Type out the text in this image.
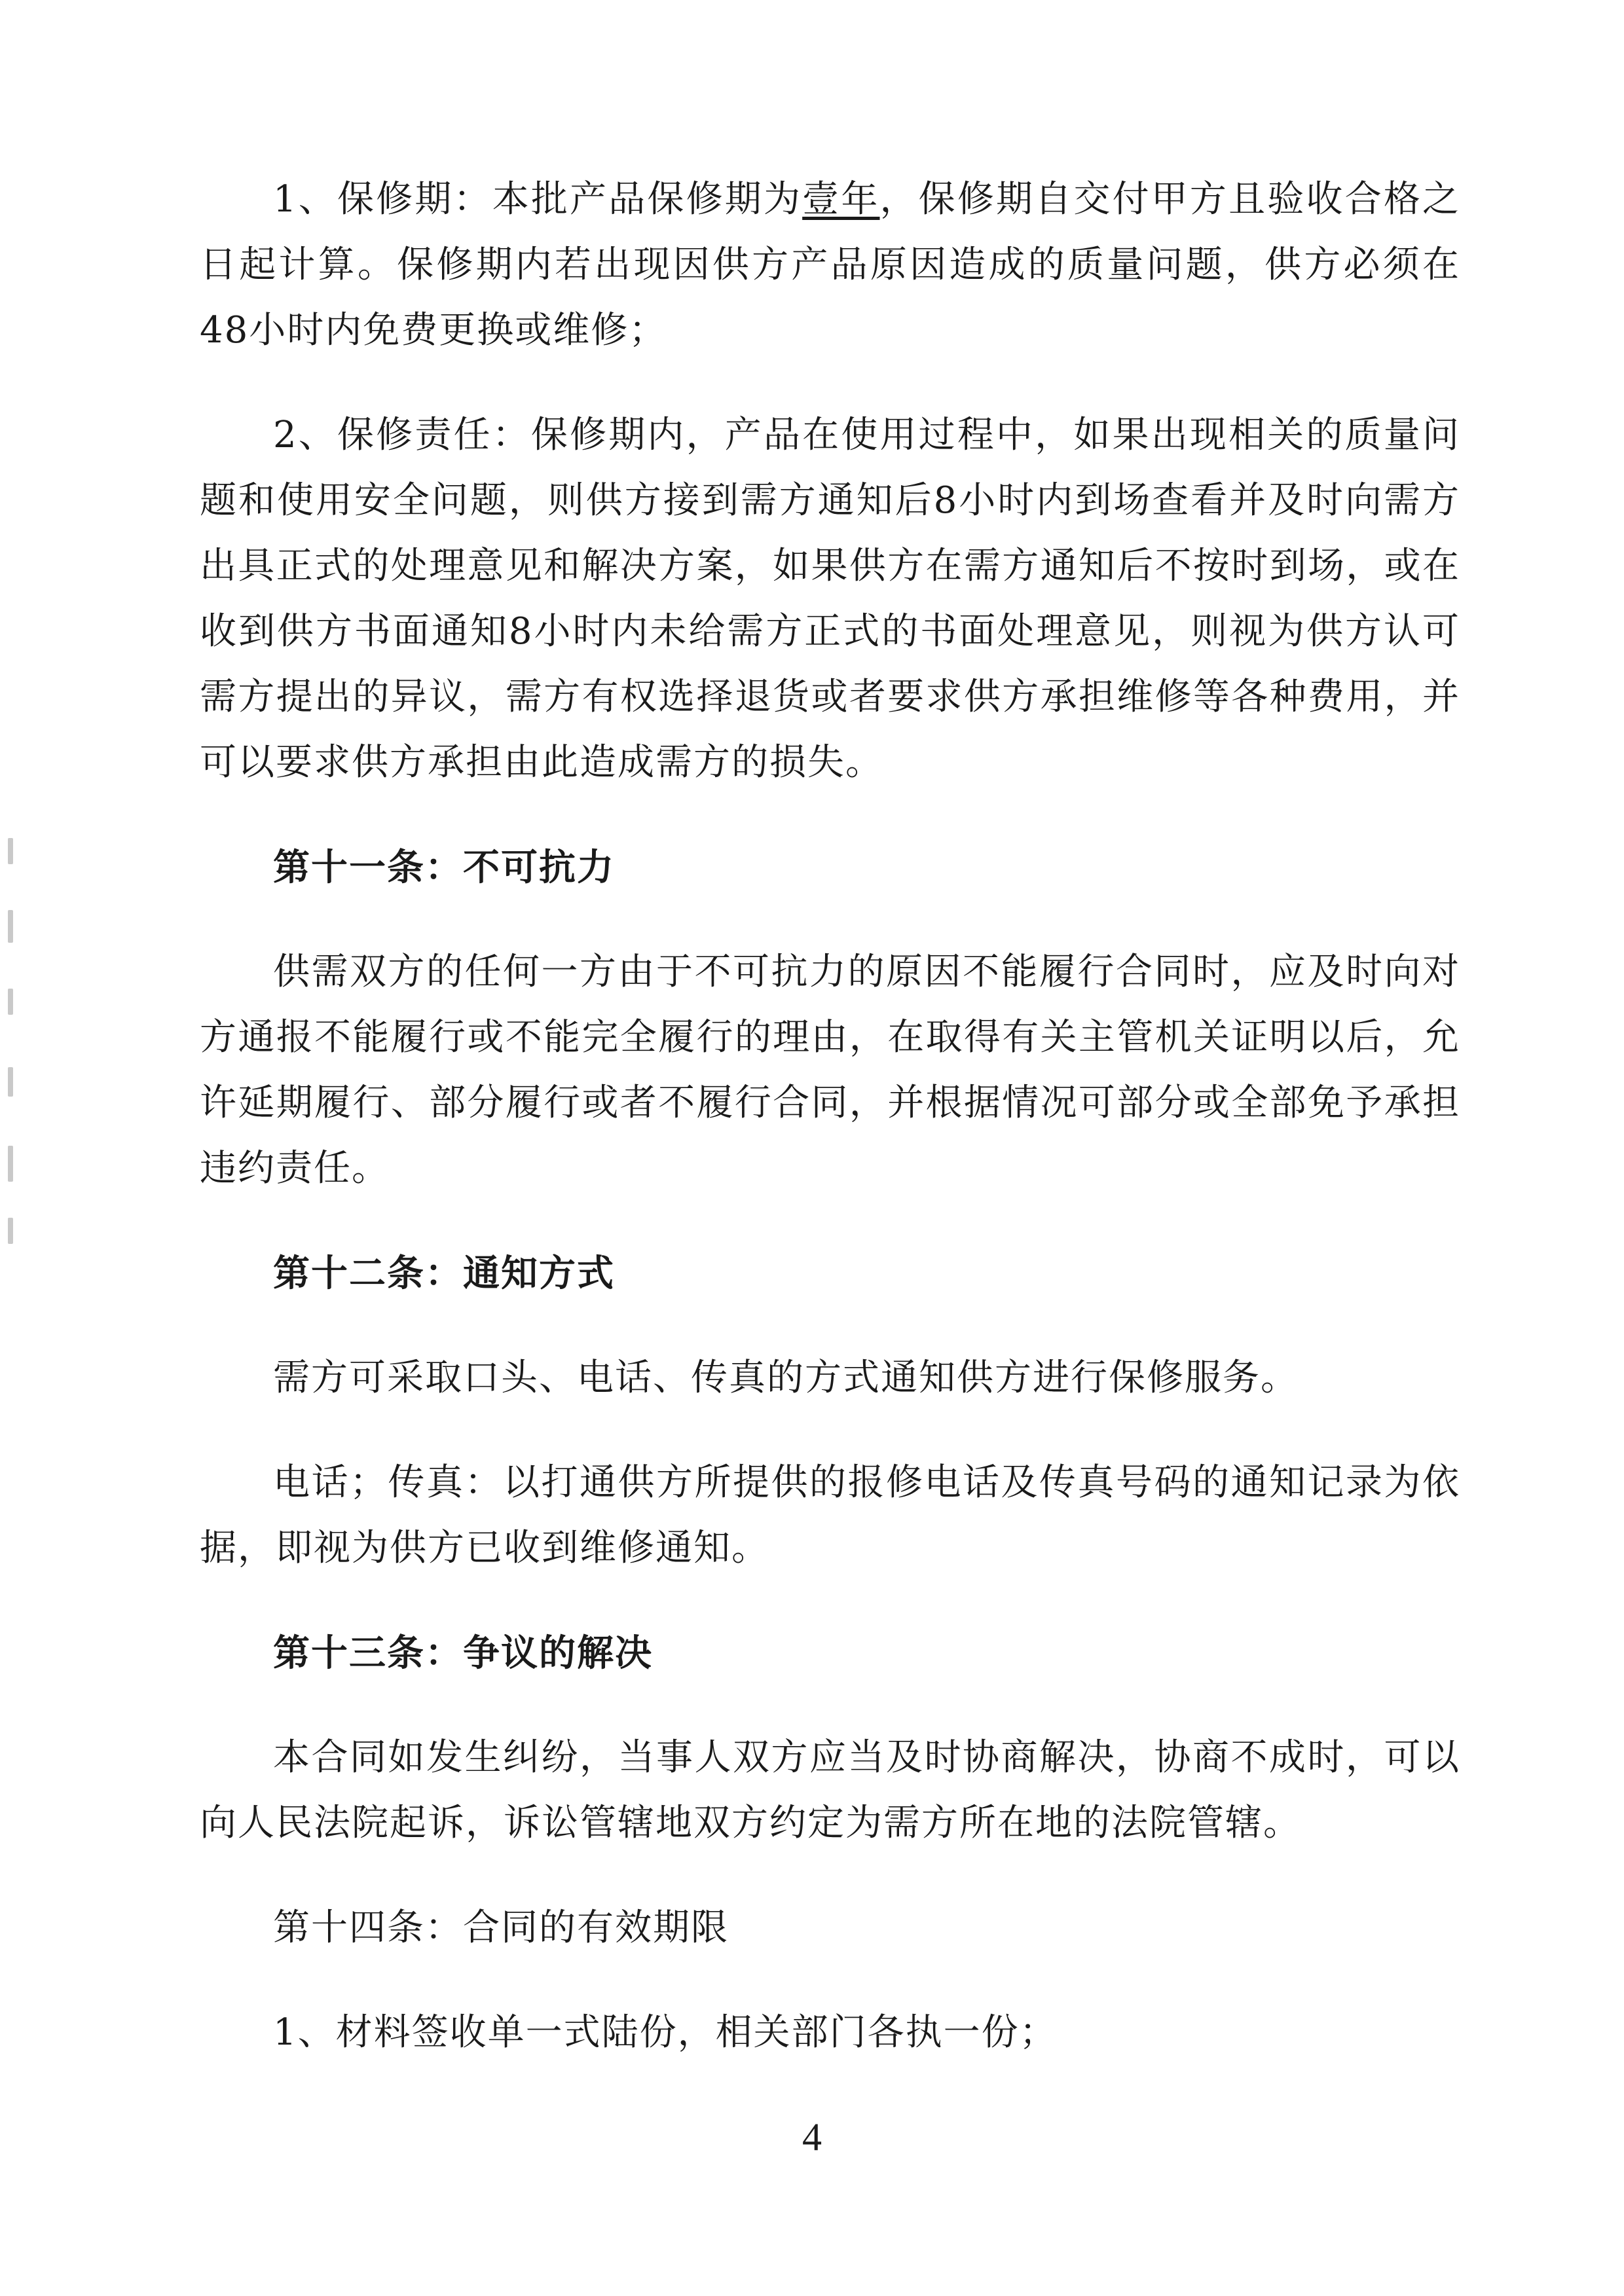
1、保修期：本批产品保修期为壹年，保修期自交付甲方且验收合格之日起计算。保修期内若出现因供方产品原因造成的质量问题，供方必须在48小时内免费更换或维修；

2、保修责任：保修期内，产品在使用过程中，如果出现相关的质量问题和使用安全问题，则供方接到需方通知后8小时内到场查看并及时向需方出具正式的处理意见和解决方案，如果供方在需方通知后不按时到场，或在收到供方书面通知8小时内未给需方正式的书面处理意见，则视为供方认可需方提出的异议，需方有权选择退货或者要求供方承担维修等各种费用，并可以要求供方承担由此造成需方的损失。

第十一条：不可抗力

供需双方的任何一方由于不可抗力的原因不能履行合同时，应及时向对方通报不能履行或不能完全履行的理由，在取得有关主管机关证明以后，允许延期履行、部分履行或者不履行合同，并根据情况可部分或全部免予承担违约责任。

第十二条：通知方式

需方可采取口头、电话、传真的方式通知供方进行保修服务。

电话；传真：以打通供方所提供的报修电话及传真号码的通知记录为依据，即视为供方已收到维修通知。

第十三条：争议的解决

本合同如发生纠纷，当事人双方应当及时协商解决，协商不成时，可以向人民法院起诉，诉讼管辖地双方约定为需方所在地的法院管辖。

第十四条：合同的有效期限

1、材料签收单一式陆份，相关部门各执一份；

4
